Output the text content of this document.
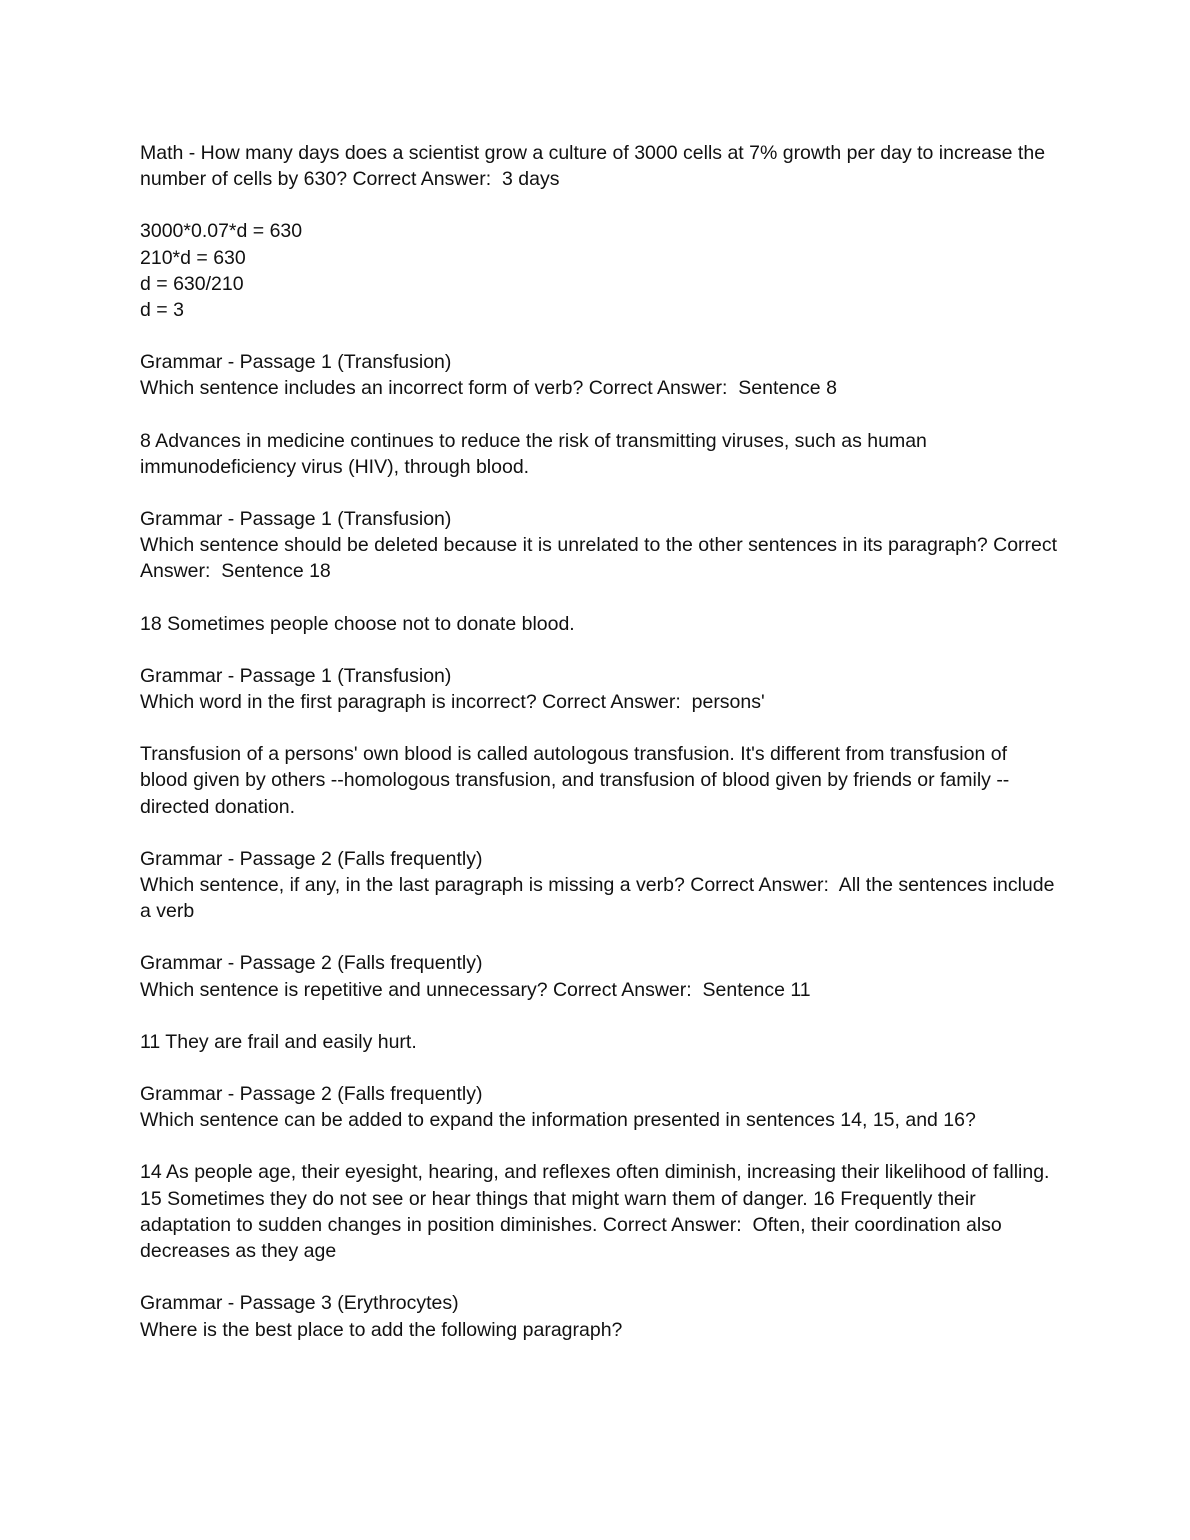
Math - How many days does a scientist grow a culture of 3000 cells at 7% growth per day to increase the number of cells by 630? Correct Answer:  3 days
3000*0.07*d = 630
210*d = 630
d = 630/210
d = 3
Grammar - Passage 1 (Transfusion)
Which sentence includes an incorrect form of verb? Correct Answer:  Sentence 8
8 Advances in medicine continues to reduce the risk of transmitting viruses, such as human immunodeficiency virus (HIV), through blood.
Grammar - Passage 1 (Transfusion)
Which sentence should be deleted because it is unrelated to the other sentences in its paragraph? Correct Answer:  Sentence 18
18 Sometimes people choose not to donate blood.
Grammar - Passage 1 (Transfusion)
Which word in the first paragraph is incorrect? Correct Answer:  persons'
Transfusion of a persons' own blood is called autologous transfusion. It's different from transfusion of blood given by others --homologous transfusion, and transfusion of blood given by friends or family -- directed donation.
Grammar - Passage 2 (Falls frequently)
Which sentence, if any, in the last paragraph is missing a verb? Correct Answer:  All the sentences include a verb
Grammar - Passage 2 (Falls frequently)
Which sentence is repetitive and unnecessary? Correct Answer:  Sentence 11
11 They are frail and easily hurt.
Grammar - Passage 2 (Falls frequently)
Which sentence can be added to expand the information presented in sentences 14, 15, and 16?
14 As people age, their eyesight, hearing, and reflexes often diminish, increasing their likelihood of falling. 15 Sometimes they do not see or hear things that might warn them of danger. 16 Frequently their adaptation to sudden changes in position diminishes. Correct Answer:  Often, their coordination also decreases as they age
Grammar - Passage 3 (Erythrocytes)
Where is the best place to add the following paragraph?
